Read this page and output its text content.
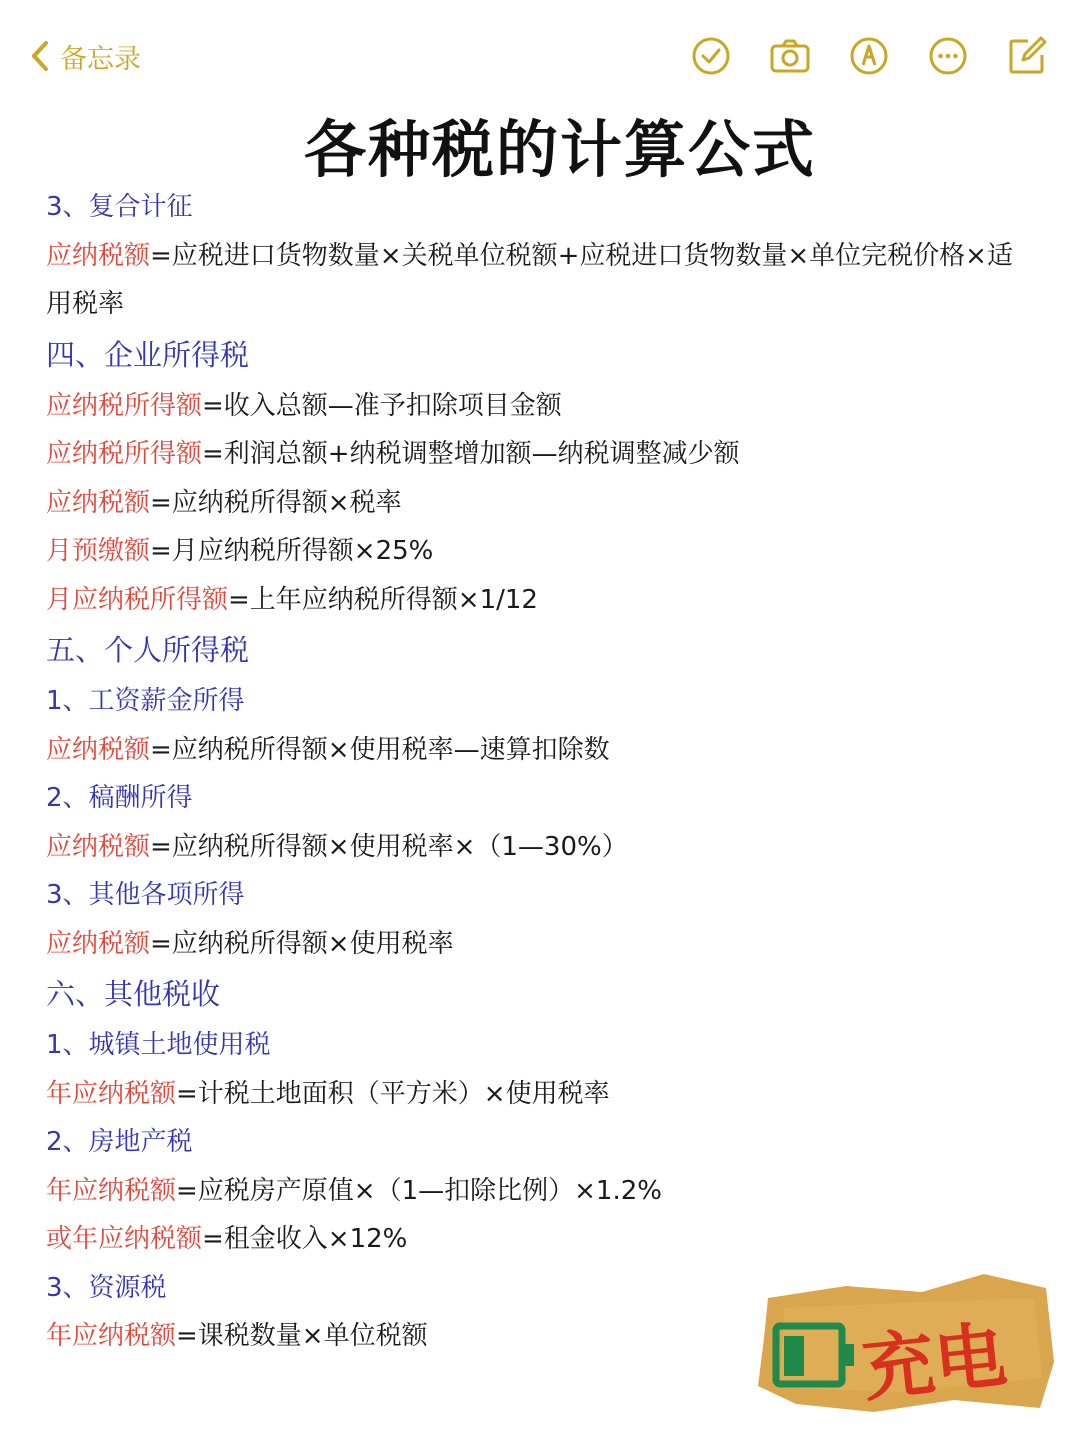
备忘录
各种税的计算公式
3、复合计征
应纳税额=应税进口货物数量×关税单位税额+应税进口货物数量×单位完税价格×适用税率
四、企业所得税
应纳税所得额=收入总额—准予扣除项目金额
应纳税所得额=利润总额+纳税调整增加额—纳税调整减少额
应纳税额=应纳税所得额×税率
月预缴额=月应纳税所得额×25%
月应纳税所得额=上年应纳税所得额×1/12
五、个人所得税
1、工资薪金所得
应纳税额=应纳税所得额×使用税率—速算扣除数
2、稿酬所得
应纳税额=应纳税所得额×使用税率×（1—30%）
3、其他各项所得
应纳税额=应纳税所得额×使用税率
六、其他税收
1、城镇土地使用税
年应纳税额=计税土地面积（平方米）×使用税率
2、房地产税
年应纳税额=应税房产原值×（1—扣除比例）×1.2%
或年应纳税额=租金收入×12%
3、资源税
年应纳税额=课税数量×单位税额	充电
